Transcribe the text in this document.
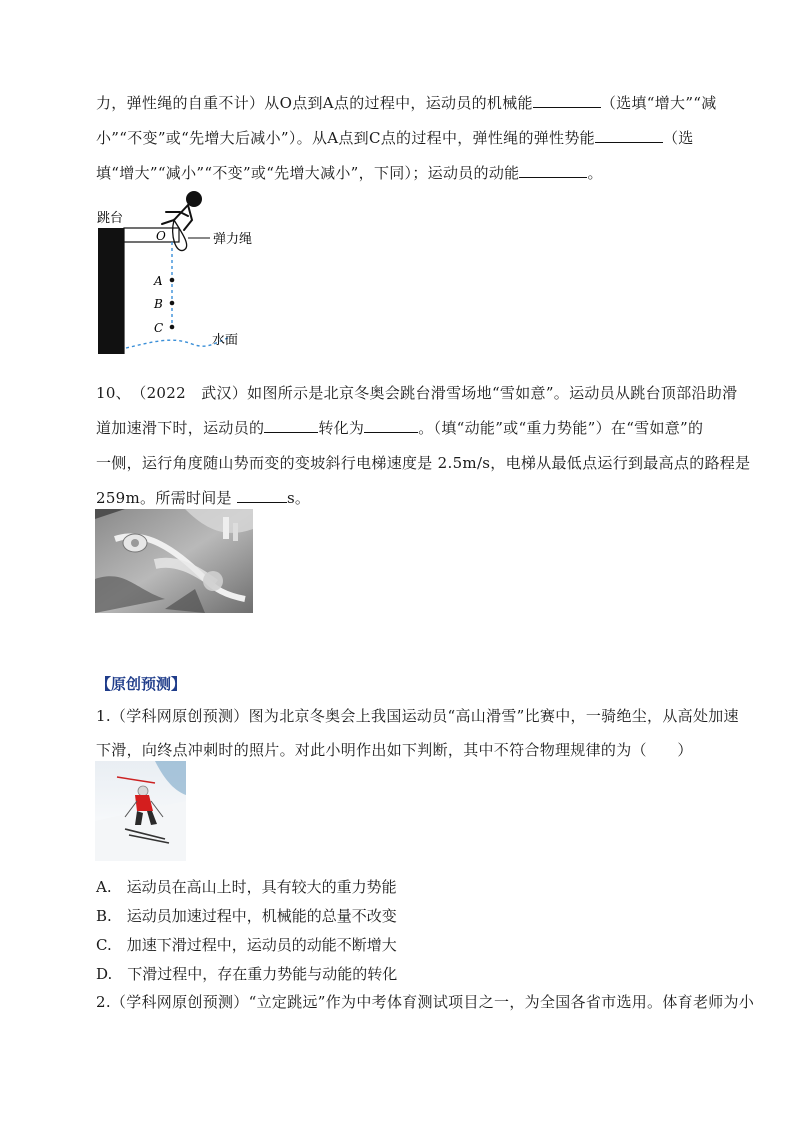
力，弹性绳的自重不计）从O点到A点的过程中，运动员的机械能	（选填“增大”“减
小”“不变”或“先增大后减小”）。从A点到C点的过程中，弹性绳的弹性势能	（选
填“增大”“减小”“不变”或“先增大减小”，下同）；运动员的动能	。
跳台
O	弹力绳
A
B
C
水面
10、　（2022　武汉）如图所示是北京冬奥会跳台滑雪场地“雪如意”。运动员从跳台顶部沿助滑
道加速滑下时，运动员的	转化为	。（填“动能”或“重力势能”）在“雪如意”的
一侧，运行角度随山势而变的变坡斜行电梯速度是 2.5m/s，电梯从最低点运行到最高点的路程是
259m。所需时间是	s。
【原创预测】
1.（学科网原创预测）图为北京冬奥会上我国运动员“高山滑雪”比赛中，一骑绝尘，从高处加速
下滑，向终点冲刺时的照片。对此小明作出如下判断，其中不符合物理规律的为（　　）
A.　运动员在高山上时，具有较大的重力势能
B.　运动员加速过程中，机械能的总量不改变
C.　加速下滑过程中，运动员的动能不断增大
D.　下滑过程中，存在重力势能与动能的转化
2.（学科网原创预测）“立定跳远”作为中考体育测试项目之一，为全国各省市选用。体育老师为小
